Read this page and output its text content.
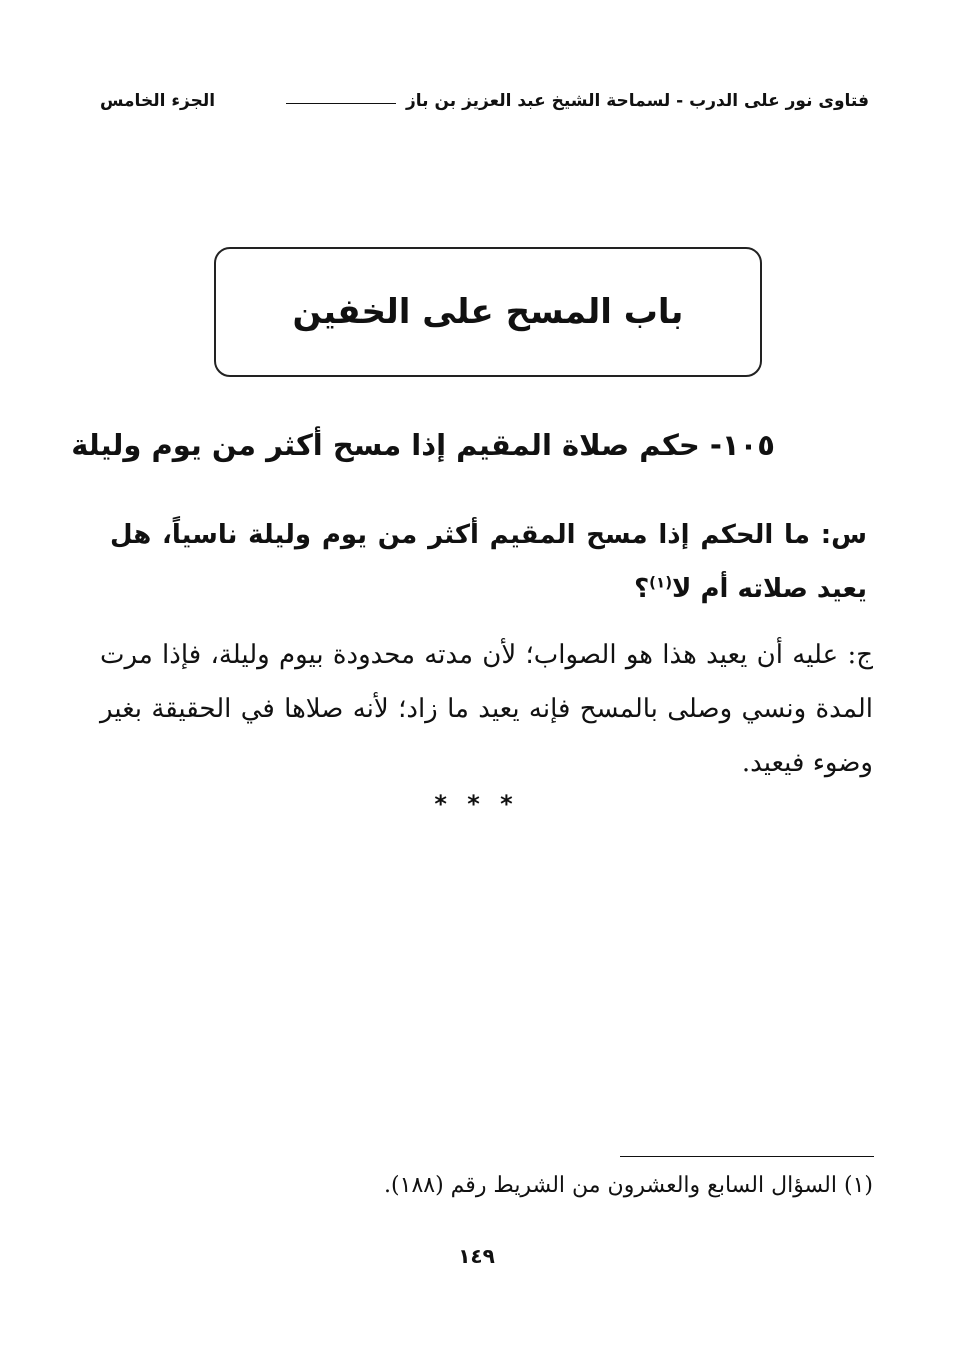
فتاوى نور على الدرب - لسماحة الشيخ عبد العزيز بن باز
الجزء الخامس
باب المسح على الخفين
١٠٥- حكم صلاة المقيم إذا مسح أكثر من يوم وليلة
س: ما الحكم إذا مسح المقيم أكثر من يوم وليلة ناسياً، هل يعيد صلاته أم لا$^{(١)}$؟
ج: عليه أن يعيد هذا هو الصواب؛ لأن مدته محدودة بيوم وليلة، فإذا مرت المدة ونسي وصلى بالمسح فإنه يعيد ما زاد؛ لأنه صلاها في الحقيقة بغير وضوء فيعيد.
* * *
(١) السؤال السابع والعشرون من الشريط رقم (١٨٨).
١٤٩
